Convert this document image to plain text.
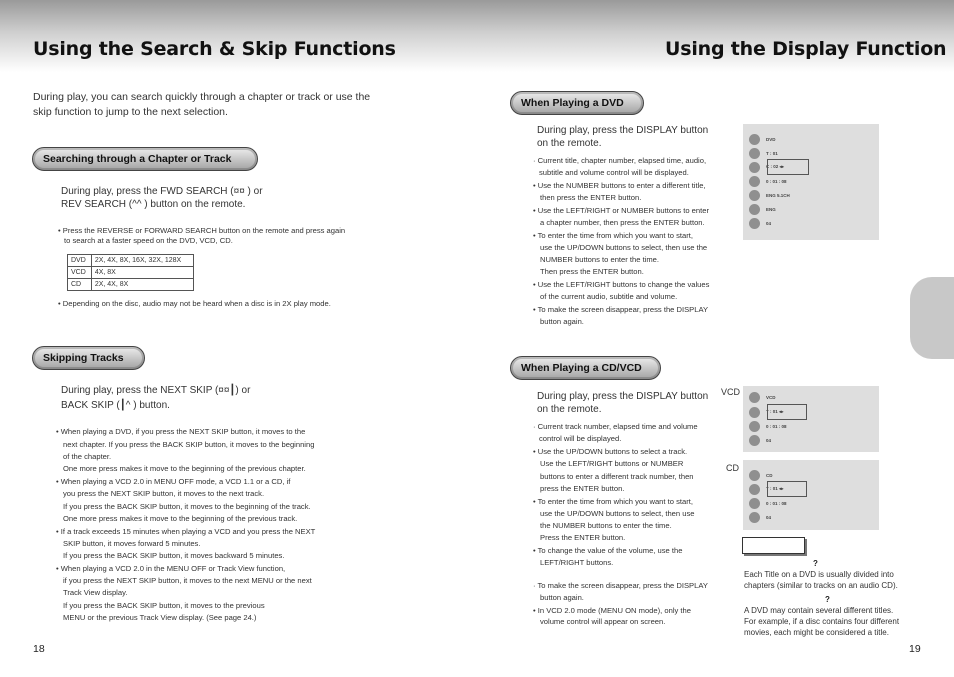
Using the Search & Skip Functions
During play, you can search quickly through a chapter or track or use the skip function to jump to the next selection.
Searching through a Chapter or Track
During play, press the FWD SEARCH (¤¤ ) or
REV SEARCH (^^ ) button on the remote.
• Press the REVERSE or FORWARD SEARCH button on the remote and press again
to search at a faster speed on the DVD, VCD, CD.
DVD	2X, 4X, 8X, 16X, 32X, 128X
VCD	4X, 8X
CD	2X, 4X, 8X
• Depending on the disc, audio may not be heard when a disc is in 2X play mode.
Skipping Tracks
During play, press the NEXT SKIP (¤¤┃) or
BACK SKIP (┃^ ) button.
• When playing a DVD, if you press the NEXT SKIP button, it moves to the
next chapter. If you press the BACK SKIP button, it moves to the beginning
of the chapter.
One more press makes it move to the beginning of the previous chapter.
• When playing a VCD 2.0 in MENU OFF mode, a VCD 1.1 or a CD, if
you press the NEXT SKIP button, it moves to the next track.
If you press the BACK SKIP button, it moves to the beginning of the track.
One more press makes it move to the beginning of the previous track.
• If a track exceeds 15 minutes when playing a VCD and you press the NEXT
SKIP button, it moves forward 5 minutes.
If you press the BACK SKIP button, it moves backward 5 minutes.
• When playing a VCD 2.0 in the MENU OFF or Track View function,
if you press the NEXT SKIP button, it moves to the next MENU or the next
Track View display.
If you press the BACK SKIP button, it moves to the previous
MENU or the previous Track View display. (See page 24.)
18
Using the Display Function
When Playing a DVD
During play, press the DISPLAY button
on the remote.
· Current title, chapter number, elapsed time, audio,
subtitle and volume control will be displayed.
• Use the NUMBER buttons to enter a different title,
then press the ENTER button.
• Use the LEFT/RIGHT or NUMBER buttons to enter
a chapter number, then press the ENTER button.
• To enter the time from which you want to start,
use the UP/DOWN buttons to select, then use the
NUMBER buttons to enter the time.
Then press the ENTER button.
• Use the LEFT/RIGHT buttons to change the values
of the current audio, subtitle and volume.
• To make the screen disappear, press the DISPLAY
button again.
DVD
T : 01
C : 02 ◂▸
0 : 01 : 08
ENG 5.1CH
ENG
04
When Playing a CD/VCD
During play, press the DISPLAY button
on the remote.
· Current track number, elapsed time and volume
control will be displayed.
• Use the UP/DOWN buttons to select a track.
Use the LEFT/RIGHT buttons or NUMBER
buttons to enter a different track number, then
press the ENTER button.
• To enter the time from which you want to start,
use the UP/DOWN buttons to select, then use
the NUMBER buttons to enter the time.
Press the ENTER button.
• To change the value of the volume, use the
LEFT/RIGHT buttons.
· To make the screen disappear, press the DISPLAY
button again.
• In VCD 2.0 mode (MENU ON mode), only the
volume control will appear on screen.
VCD	VCD
T : 01 ◂▸
0 : 01 : 08
04
CD
CD
T : 01 ◂▸
0 : 01 : 08
04
?
Each Title on a DVD is usually divided into
chapters (similar to tracks on an audio CD).
?
A DVD may contain several different titles.
For example, if a disc contains four different
movies, each might be considered a title.
19
